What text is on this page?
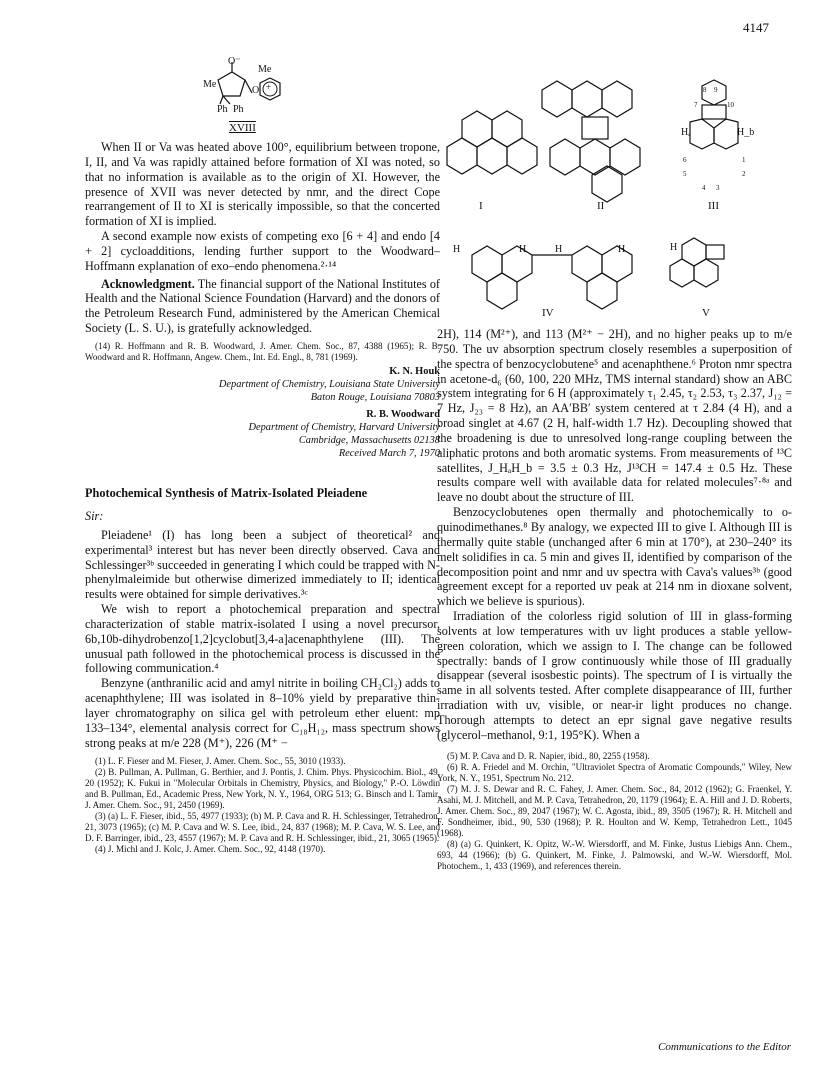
4147
O⁻
Me
Me
O
Ph Ph
+
XVIII

When II or Va was heated above 100°, equilibrium between tropone, I, II, and Va was rapidly attained before formation of XI was noted, so that no information is available as to the origin of XI. However, the presence of XVII was never detected by nmr, and the direct Cope rearrangement of II to XI is sterically impossible, so that the concerted formation of XI is implied.

A second example now exists of competing exo [6 + 4] and endo [4 + 2] cycloadditions, lending further support to the Woodward–Hoffmann explanation of exo–endo phenomena.²·¹⁴

Acknowledgment. The financial support of the National Institutes of Health and the National Science Foundation (Harvard) and the donors of the Petroleum Research Fund, administered by the American Chemical Society (L. S. U.), is gratefully acknowledged.

(14) R. Hoffmann and R. B. Woodward, J. Amer. Chem. Soc., 87, 4388 (1965); R. B. Woodward and R. Hoffmann, Angew. Chem., Int. Ed. Engl., 8, 781 (1969).

K. N. Houk
Department of Chemistry, Louisiana State University
Baton Rouge, Louisiana 70803
R. B. Woodward
Department of Chemistry, Harvard University
Cambridge, Massachusetts 02138
Received March 7, 1970
Photochemical Synthesis of Matrix-Isolated Pleiadene
Sir:

Pleiadene¹ (I) has long been a subject of theoretical² and experimental³ interest but has never been directly observed. Cava and Schlessinger³ᵇ succeeded in generating I which could be trapped with N-phenylmaleimide but otherwise dimerized immediately to II; identical results were obtained for simple derivatives.³ᶜ

We wish to report a photochemical preparation and spectral characterization of stable matrix-isolated I using a novel precursor, 6b,10b-dihydrobenzo[1,2]cyclobut[3,4-a]acenaphthylene (III). The unusual path followed in the photochemical process is discussed in the following communication.⁴

Benzyne (anthranilic acid and amyl nitrite in boiling CH₂Cl₂) adds to acenaphthylene; III was isolated in 8–10% yield by preparative thin-layer chromatography on silica gel with petroleum ether eluent: mp 133–134°, elemental analysis correct for C₁₈H₁₂, mass spectrum shows strong peaks at m/e 228 (M⁺), 226 (M⁺ −

(1) L. F. Fieser and M. Fieser, J. Amer. Chem. Soc., 55, 3010 (1933).

(2) B. Pullman, A. Pullman, G. Berthier, and J. Pontis, J. Chim. Phys. Physicochim. Biol., 49, 20 (1952); K. Fukui in "Molecular Orbitals in Chemistry, Physics, and Biology," P.-O. Löwdin and B. Pullman, Ed., Academic Press, New York, N. Y., 1964, ORG 513; G. Binsch and I. Tamir, J. Amer. Chem. Soc., 91, 2450 (1969).

(3) (a) L. F. Fieser, ibid., 55, 4977 (1933); (b) M. P. Cava and R. H. Schlessinger, Tetrahedron, 21, 3073 (1965); (c) M. P. Cava and W. S. Lee, ibid., 24, 837 (1968); M. P. Cava, W. S. Lee, and D. F. Barringer, ibid., 23, 4557 (1967); M. P. Cava and R. H. Schlessinger, ibid., 21, 3065 (1965).

(4) J. Michl and J. Kolc, J. Amer. Chem. Soc., 92, 4148 (1970).

I	II	III
IV	V
Hₐ	H_b
8 9
7	10
6	1
5	2
4 3
H	H	H	H	H

2H), 114 (M²⁺), and 113 (M²⁺ − 2H), and no higher peaks up to m/e 750. The uv absorption spectrum closely resembles a superposition of the spectra of benzocyclobutene⁵ and acenaphthene.⁶ Proton nmr spectra in acetone-d₆ (60, 100, 220 MHz, TMS internal standard) show an ABC system integrating for 6 H (approximately τ₁ 2.45, τ₂ 2.53, τ₃ 2.37, J₁₂ = 7 Hz, J₂₃ = 8 Hz), an AA′BB′ system centered at τ 2.84 (4 H), and a broad singlet at 4.67 (2 H, half-width 1.7 Hz). Decoupling showed that the broadening is due to unresolved long-range coupling between the aliphatic protons and both aromatic systems. From measurements of ¹³C satellites, J_HₐH_b = 3.5 ± 0.3 Hz, J¹³CH = 147.4 ± 0.5 Hz. These results compare well with available data for related molecules⁷·⁸ᵃ and leave no doubt about the structure of III.

Benzocyclobutenes open thermally and photochemically to o-quinodimethanes.⁸ By analogy, we expected III to give I. Although III is thermally quite stable (unchanged after 6 min at 170°), at 230–240° its melt solidifies in ca. 5 min and gives II, identified by comparison of the decomposition point and nmr and uv spectra with Cava's values³ᵇ (good agreement except for a reported uv peak at 214 nm in dioxane solvent, which we believe is spurious).

Irradiation of the colorless rigid solution of III in glass-forming solvents at low temperatures with uv light produces a stable yellow-green coloration, which we assign to I. The change can be followed spectrally: bands of I grow continuously while those of III gradually disappear (several isosbestic points). The spectrum of I is virtually the same in all solvents tested. After complete disappearance of III, further irradiation with uv, visible, or near-ir light produces no change. Thorough attempts to detect an epr signal gave negative results (glycerol–methanol, 9:1, 195°K). When a

(5) M. P. Cava and D. R. Napier, ibid., 80, 2255 (1958).

(6) R. A. Friedel and M. Orchin, "Ultraviolet Spectra of Aromatic Compounds," Wiley, New York, N. Y., 1951, Spectrum No. 212.

(7) M. J. S. Dewar and R. C. Fahey, J. Amer. Chem. Soc., 84, 2012 (1962); G. Fraenkel, Y. Asahi, M. J. Mitchell, and M. P. Cava, Tetrahedron, 20, 1179 (1964); E. A. Hill and J. D. Roberts, J. Amer. Chem. Soc., 89, 2047 (1967); W. C. Agosta, ibid., 89, 3505 (1967); R. H. Mitchell and F. Sondheimer, ibid., 90, 530 (1968); P. R. Houlton and W. Kemp, Tetrahedron Lett., 1045 (1968).

(8) (a) G. Quinkert, K. Opitz, W.-W. Wiersdorff, and M. Finke, Justus Liebigs Ann. Chem., 693, 44 (1966); (b) G. Quinkert, M. Finke, J. Palmowski, and W.-W. Wiersdorff, Mol. Photochem., 1, 433 (1969), and references therein.

Communications to the Editor
